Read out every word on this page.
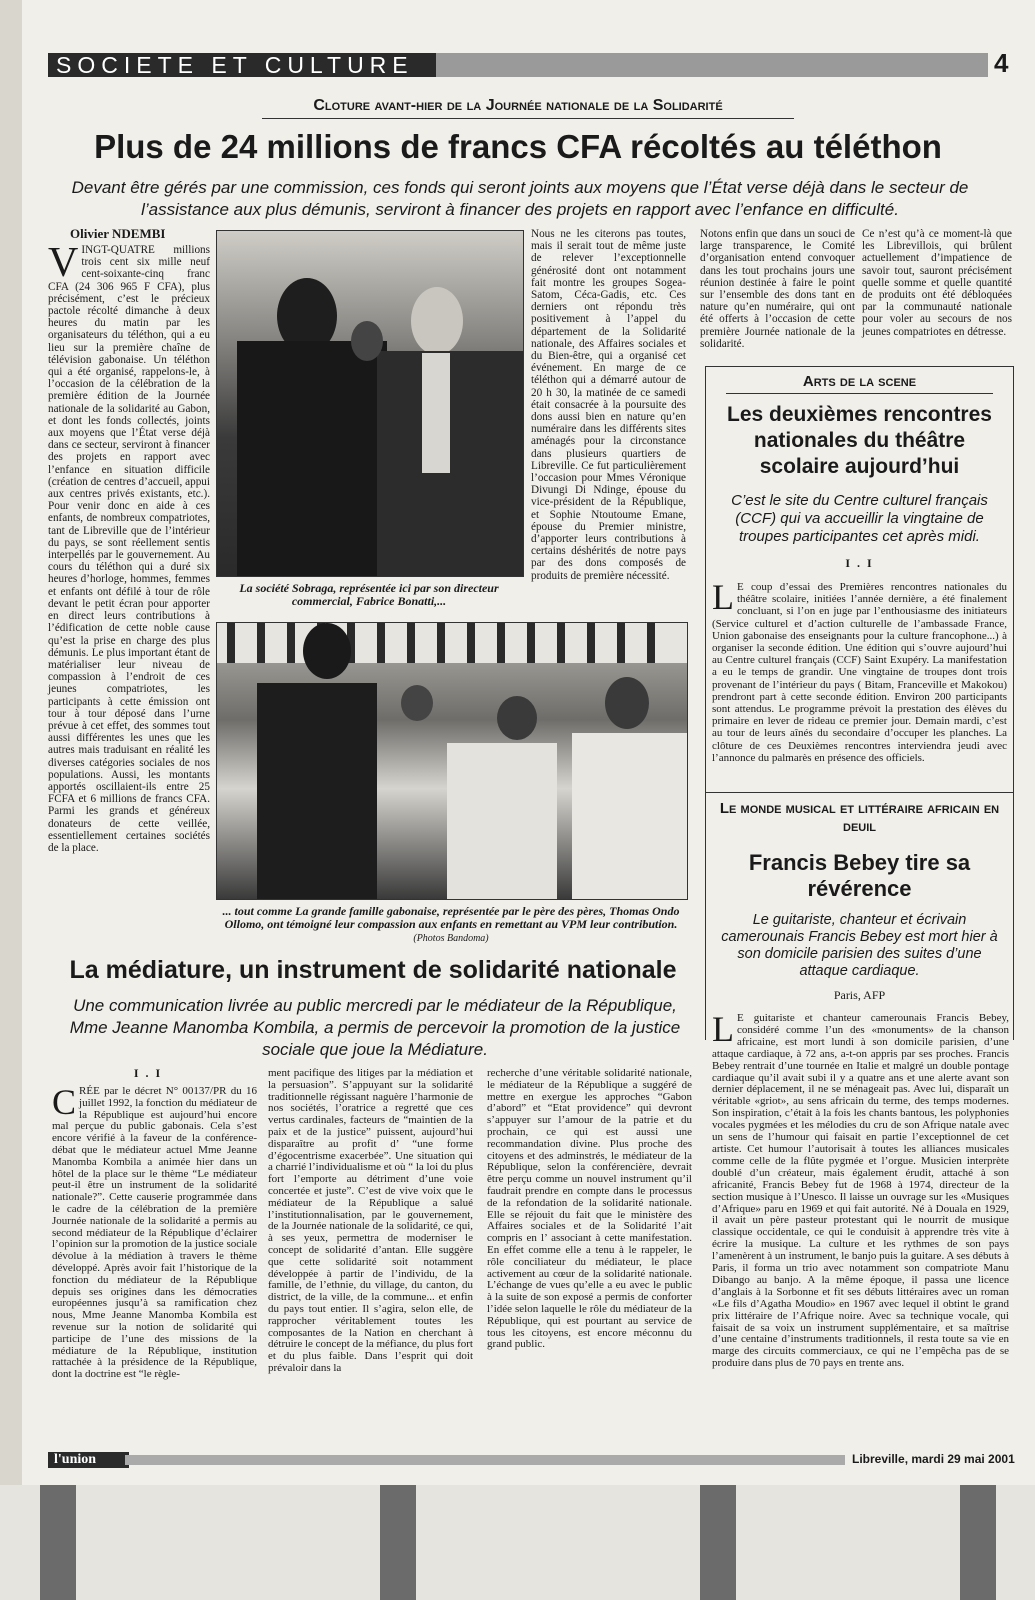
SOCIETE ET CULTURE	4
Cloture avant-hier de la Journée nationale de la Solidarité
Plus de 24 millions de francs CFA récoltés au téléthon
Devant être gérés par une commission, ces fonds qui seront joints aux moyens que l’État verse déjà dans le secteur de l’assistance aux plus démunis, serviront à financer des projets en rapport avec l’enfance en difficulté.
Olivier NDEMBI
VINGT-QUATRE millions trois cent six mille neuf cent-soixante-cinq franc CFA (24 306 965 F CFA), plus précisément, c’est le précieux pactole récolté dimanche à deux heures du matin par les organisateurs du téléthon, qui a eu lieu sur la première chaîne de télévision gabonaise. Un téléthon qui a été organisé, rappelons-le, à l’occasion de la célébration de la première édition de la Journée nationale de la solidarité au Gabon, et dont les fonds collectés, joints aux moyens que l’État verse déjà dans ce secteur, serviront à financer des projets en rapport avec l’enfance en situation difficile (création de centres d’accueil, appui aux centres privés existants, etc.). Pour venir donc en aide à ces enfants, de nombreux compatriotes, tant de Libreville que de l’intérieur du pays, se sont réellement sentis interpellés par le gouvernement. Au cours du téléthon qui a duré six heures d’horloge, hommes, femmes et enfants ont défilé à tour de rôle devant le petit écran pour apporter en direct leurs contributions à l’édification de cette noble cause qu’est la prise en charge des plus démunis. Le plus important étant de matérialiser leur niveau de compassion à l’endroit de ces jeunes compatriotes, les participants à cette émission ont tour à tour déposé dans l’urne prévue à cet effet, des sommes tout aussi différentes les unes que les autres mais traduisant en réalité les diverses catégories sociales de nos populations. Aussi, les montants apportés oscillaient-ils entre 25 FCFA et 6 millions de francs CFA. Parmi les grands et généreux donateurs de cette veillée, essentiellement certaines sociétés de la place.
La société Sobraga, représentée ici par son directeur commercial, Fabrice Bonatti,...
Nous ne les citerons pas toutes, mais il serait tout de même juste de relever l’exceptionnelle générosité dont ont notamment fait montre les groupes Sogea-Satom, Céca-Gadis, etc. Ces derniers ont répondu très positivement à l’appel du département de la Solidarité nationale, des Affaires sociales et du Bien-être, qui a organisé cet événement. En marge de ce téléthon qui a démarré autour de 20 h 30, la matinée de ce samedi était consacrée à la poursuite des dons aussi bien en nature qu’en numéraire dans les différents sites aménagés pour la circonstance dans plusieurs quartiers de Libreville. Ce fut particulièrement l’occasion pour Mmes Véronique Divungi Di Ndinge, épouse du vice-président de la République, et Sophie Ntoutoume Emane, épouse du Premier ministre, d’apporter leurs contributions à certains déshérités de notre pays par des dons composés de produits de première nécessité.
Notons enfin que dans un souci de large transparence, le Comité d’organisation entend convoquer dans les tout prochains jours une réunion destinée à faire le point sur l’ensemble des dons tant en nature qu’en numéraire, qui ont été offerts à l’occasion de cette première Journée nationale de la solidarité.
Ce n’est qu’à ce moment-là que les Librevillois, qui brûlent actuellement d’impatience de savoir tout, sauront précisément quelle somme et quelle quantité de produits ont été débloquées par la communauté nationale pour voler au secours de nos jeunes compatriotes en détresse.
... tout comme La grande famille gabonaise, représentée par le père des pères, Thomas Ondo Ollomo, ont témoigné leur compassion aux enfants en remettant au VPM leur contribution. (Photos Bandoma)
Arts de la scene
Les deuxièmes rencontres nationales du théâtre scolaire aujourd’hui
C’est le site du Centre culturel français (CCF) qui va accueillir la vingtaine de troupes participantes cet après midi.
I . I
L E coup d’essai des Premières rencontres nationales du théâtre scolaire, initiées l’année dernière, a été finalement concluant, si l’on en juge par l’enthousiasme des initiateurs (Service culturel et d’action culturelle de l’ambassade France, Union gabonaise des enseignants pour la culture francophone...) à organiser la seconde édition. Une édition qui s’ouvre aujourd’hui au Centre culturel français (CCF) Saint Exupéry. La manifestation a eu le temps de grandir. Une vingtaine de troupes dont trois provenant de l’intérieur du pays ( Bitam, Franceville et Makokou) prendront part à cette seconde édition. Environ 200 participants sont attendus. Le programme prévoit la prestation des élèves du primaire en lever de rideau ce premier jour. Demain mardi, c’est au tour de leurs aînés du secondaire d’occuper les planches. La clôture de ces Deuxièmes rencontres interviendra jeudi avec l’annonce du palmarès en présence des officiels.
Le monde musical et littéraire africain en deuil
Francis Bebey tire sa révérence
Le guitariste, chanteur et écrivain camerounais Francis Bebey est mort hier à son domicile parisien des suites d’une attaque cardiaque.
Paris, AFP
L E guitariste et chanteur camerounais Francis Bebey, considéré comme l’un des «monuments» de la chanson africaine, est mort lundi à son domicile parisien, d’une attaque cardiaque, à 72 ans, a-t-on appris par ses proches. Francis Bebey rentrait d’une tournée en Italie et malgré un double pontage cardiaque qu’il avait subi il y a quatre ans et une alerte avant son dernier déplacement, il ne se ménageait pas. Avec lui, disparaît un véritable «griot», au sens africain du terme, des temps modernes. Son inspiration, c’était à la fois les chants bantous, les polyphonies vocales pygmées et les mélodies du cru de son Afrique natale avec un sens de l’humour qui faisait en partie l’exceptionnel de cet artiste. Cet humour l’autorisait à toutes les alliances musicales comme celle de la flûte pygmée et l’orgue. Musicien interprète doublé d’un créateur, mais également érudit, attaché à son africanité, Francis Bebey fut de 1968 à 1974, directeur de la section musique à l’Unesco. Il laisse un ouvrage sur les «Musiques d’Afrique» paru en 1969 et qui fait autorité. Né à Douala en 1929, il avait un père pasteur protestant qui le nourrit de musique classique occidentale, ce qui le conduisit à apprendre très vite à écrire la musique. La culture et les rythmes de son pays l’amenèrent à un instrument, le banjo puis la guitare. A ses débuts à Paris, il forma un trio avec notamment son compatriote Manu Dibango au banjo. A la même époque, il passa une licence d’anglais à la Sorbonne et fit ses débuts littéraires avec un roman «Le fils d’Agatha Moudio» en 1967 avec lequel il obtint le grand prix littéraire de l’Afrique noire. Avec sa technique vocale, qui faisait de sa voix un instrument supplémentaire, et sa maîtrise d’une centaine d’instruments traditionnels, il resta toute sa vie en marge des circuits commerciaux, ce qui ne l’empêcha pas de se produire dans plus de 70 pays en trente ans.
La médiature, un instrument de solidarité nationale
Une communication livrée au public mercredi par le médiateur de la République, Mme Jeanne Manomba Kombila, a permis de percevoir la promotion de la justice sociale que joue la Médiature.
I . I
CRÉE par le décret N° 00137/PR du 16 juillet 1992, la fonction du médiateur de la République est aujourd’hui encore mal perçue du public gabonais. Cela s’est encore vérifié à la faveur de la conférence-débat que le médiateur actuel Mme Jeanne Manomba Kombila a animée hier dans un hôtel de la place sur le thème “Le médiateur peut-il être un instrument de la solidarité nationale?”. Cette causerie programmée dans le cadre de la célébration de la première Journée nationale de la solidarité a permis au second médiateur de la République d’éclairer l’opinion sur la promotion de la justice sociale dévolue à la médiation à travers le thème développé. Après avoir fait l’historique de la fonction du médiateur de la République depuis ses origines dans les démocraties européennes jusqu’à sa ramification chez nous, Mme Jeanne Manomba Kombila est revenue sur la notion de solidarité qui participe de l’une des missions de la médiature de la République, institution rattachée à la présidence de la République, dont la doctrine est “le règle-
ment pacifique des litiges par la médiation et la persuasion”. S’appuyant sur la solidarité traditionnelle régissant naguère l’harmonie de nos sociétés, l’oratrice a regretté que ces vertus cardinales, facteurs de “maintien de la paix et de la justice” puissent, aujourd’hui disparaître au profit d’ “une forme d’égocentrisme exacerbée”. Une situation qui a charrié l’individualisme et où “ la loi du plus fort l’emporte au détriment d’une voie concertée et juste”. C’est de vive voix que le médiateur de la République a salué l’institutionnalisation, par le gouvernement, de la Journée nationale de la solidarité, ce qui, à ses yeux, permettra de moderniser le concept de solidarité d’antan. Elle suggère que cette solidarité soit notamment développée à partir de l’individu, de la famille, de l’ethnie, du village, du canton, du district, de la ville, de la commune... et enfin du pays tout entier. Il s’agira, selon elle, de rapprocher véritablement toutes les composantes de la Nation en cherchant à détruire le concept de la méfiance, du plus fort et du plus faible. Dans l’esprit qui doit prévaloir dans la
recherche d’une véritable solidarité nationale, le médiateur de la République a suggéré de mettre en exergue les approches “Gabon d’abord” et “Etat providence” qui devront s’appuyer sur l’amour de la patrie et du prochain, ce qui est aussi une recommandation divine. Plus proche des citoyens et des adminstrés, le médiateur de la République, selon la conférencière, devrait être perçu comme un nouvel instrument qu’il faudrait prendre en compte dans le processus de la refondation de la solidarité nationale. Elle se réjouit du fait que le ministère des Affaires sociales et de la Solidarité l’ait compris en l’ associant à cette manifestation. En effet comme elle a tenu à le rappeler, le rôle conciliateur du médiateur, le place activement au cœur de la solidarité nationale. L’échange de vues qu’elle a eu avec le public à la suite de son exposé a permis de conforter l’idée selon laquelle le rôle du médiateur de la République, qui est pourtant au service de tous les citoyens, est encore méconnu du grand public.
l'union	Libreville, mardi 29 mai 2001
